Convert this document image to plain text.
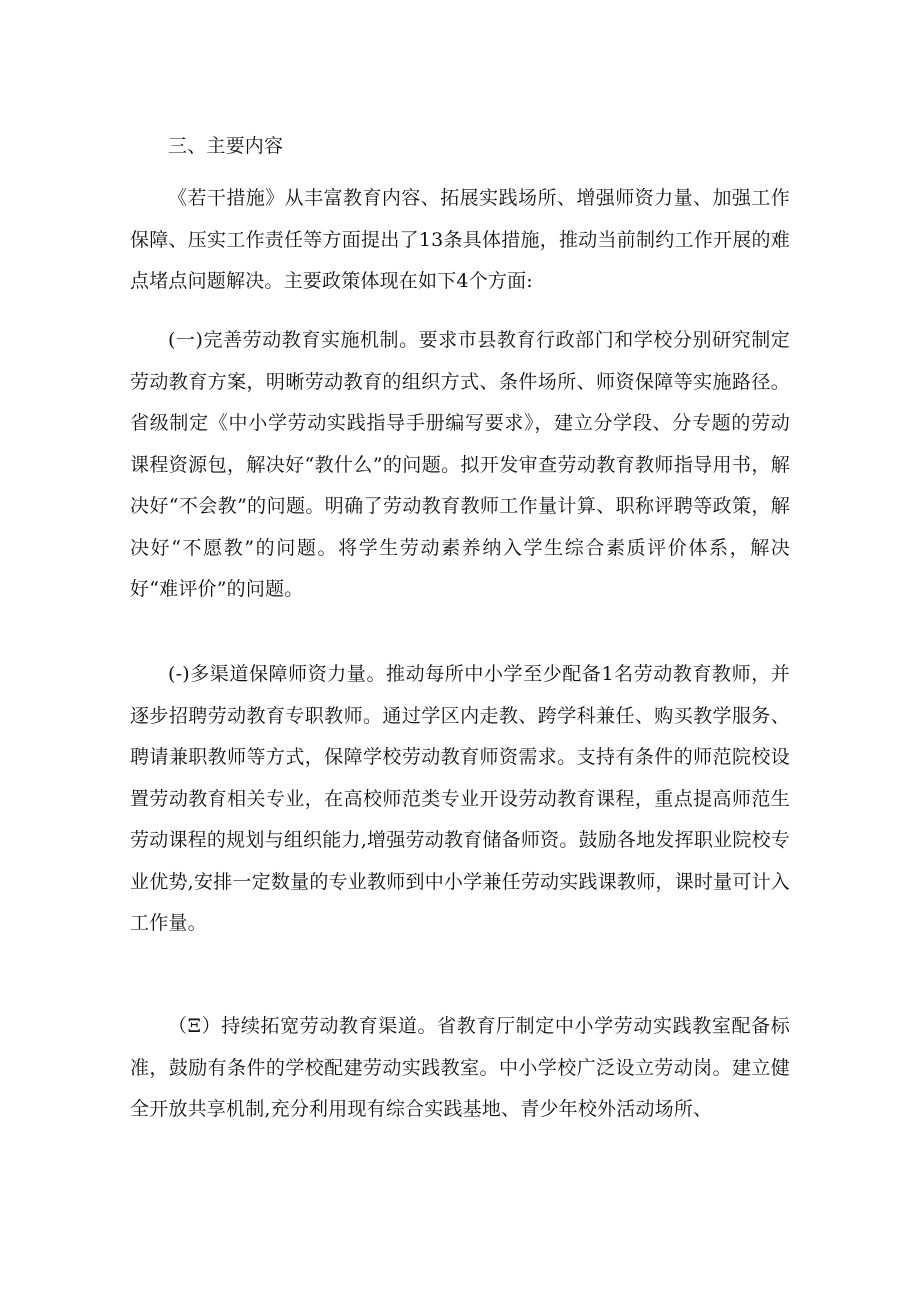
三、主要内容

《若干措施》从丰富教育内容、拓展实践场所、增强师资力量、加强工作保障、压实工作责任等方面提出了13条具体措施，推动当前制约工作开展的难点堵点问题解决。主要政策体现在如下4个方面:

(一)完善劳动教育实施机制。要求市县教育行政部门和学校分别研究制定劳动教育方案，明晰劳动教育的组织方式、条件场所、师资保障等实施路径。省级制定《中小学劳动实践指导手册编写要求》，建立分学段、分专题的劳动课程资源包，解决好“教什么”的问题。拟开发审查劳动教育教师指导用书，解决好“不会教”的问题。明确了劳动教育教师工作量计算、职称评聘等政策，解决好“不愿教”的问题。将学生劳动素养纳入学生综合素质评价体系，解决好“难评价”的问题。

(-)多渠道保障师资力量。推动每所中小学至少配备1名劳动教育教师，并逐步招聘劳动教育专职教师。通过学区内走教、跨学科兼任、购买教学服务、聘请兼职教师等方式，保障学校劳动教育师资需求。支持有条件的师范院校设置劳动教育相关专业，在高校师范类专业开设劳动教育课程，重点提高师范生劳动课程的规划与组织能力,增强劳动教育储备师资。鼓励各地发挥职业院校专业优势,安排一定数量的专业教师到中小学兼任劳动实践课教师，课时量可计入工作量。

（Ξ）持续拓宽劳动教育渠道。省教育厅制定中小学劳动实践教室配备标准，鼓励有条件的学校配建劳动实践教室。中小学校广泛设立劳动岗。建立健全开放共享机制,充分利用现有综合实践基地、青少年校外活动场所、
